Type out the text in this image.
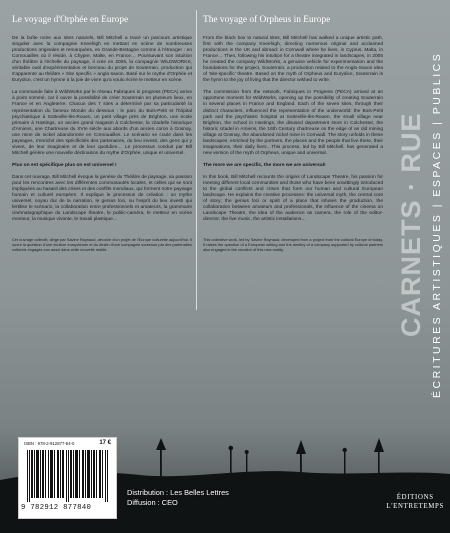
Le voyage d'Orphée en Europe

De la boîte noire aux sites naturels, Bill Mitchell a tracé un parcours artistique singulier avec la compagnie Kneehigh en mettant en scène de nombreuses productions originales et remarquées, en Grande-Bretagne comme à l'étranger : en Cornouailles où il réside, à Chypre, Malte, en France… Poursuivant son intuition d'un théâtre à l'échelle du paysage, il crée en 2005, la compagnie WILDWORKS, véritable outil d'expérimentation et berceau du projet de Souterrain, production qui s'apparente au théâtre « Site specific » anglo-saxon. Basé sur le mythe d'Orphée et Eurydice, c'est un hymne à la joie de vivre qu'a voulu écrire le metteur en scène.

La commande faite à WildWorks par le réseau Fabriques in progress (PECA) arrive à point nommé, car il ouvre la possibilité de créer Souterrain en plusieurs lieux, en France et en Angleterre. Chacun des 7 sites a déterminé par sa particularité la représentation du fameux Monde du dessous : le parc du Bois-Petit et l'hôpital psychiatrique à Sotteville-lès-Rouen, un petit village près de Brighton, une école primaire à Hastings, un ancien grand magasin à Colchester, la citadelle historique d'Amiens, une Chartreuse du XVIe siècle aux abords d'un ancien coron à Gosnay, une mine de nickel abandonnée en Cornouailles. Le scénario se coule dans les paysages, s'enrichit des spécificités des partenaires, du lieu investi, des gens qui y vivent, de leur imaginaire et de leur quotidien… Le processus conduit par Bill Mitchell génère une nouvelle déclinaison du mythe d'Orphée, unique et universel.

Plus on est spécifique plus on est universel !

Dans cet ouvrage, Bill Mitchell évoque la genèse du Théâtre de paysage, sa passion pour les rencontres avec les différentes communautés locales, et celles qui se sont impliquées au hasard des crises et des conflits mondiaux, qui forment notre paysage humain et culturel européen. Il explique le processus de création : un mythe universel, noyau dur de la narration, le genius loci, ou l'esprit du lieu investi qui fertilise le scénario, la collaboration entre professionnels et amateurs, la grammaire cinématographique du Landscape theatre, le public-caméra, le metteur en scène monteur, la musique vivante, le travail plastique…

Cet ouvrage collectif, dirigé par Savine Raynaud, découle d'un projet de l'Europe culturelle aujourd'hui. Il ouvre la question d'une écriture européenne et du destin d'une compagnie soutenue par des partenaires culturels engagés eux aussi dans cette nouvelle réalité.

The voyage of Orpheus in Europe

From the black box to natural sites, Bill Mitchell has walked a unique artistic path, first with the company Kneehigh, directing numerous original and acclaimed productions in the UK and abroad: in Cornwall where he lives, in Cyprus, Malta, in France… Then, following his intuition for a theatre integrated in landscapes, in 2005 he created the company WildWorks, a genuine vehicle for experimentation and the foundations for the project, Souterrain, a production related to the Anglo-Saxon idea of 'site-specific' theatre. Based on the myth of Orpheus and Eurydice, Souterrain is the hymn to the joy of living that the director wished to write.

The commission from the network, Fabriques in Progress (PECA) arrived at an opportune moment for WildWorks, opening up the possibility of creating Souterrain in several places in France and England. Each of the seven sites, through their distinct characters, influenced the representation of the underworld: the Bois-Petit park and the psychiatric hospital at Sotteville-lès-Rouen, the small village near Brighton, the school in Hastings, the disused department store in Colchester, the historic citadel in Amiens, the 16th Century chartreuse on the edge of an old mining village at Gosnay, the abandoned nickel mine in Cornwall. The story unfolds in these landscapes, enriched by the partners, the places and the people that live there, their imaginations, their daily lives…This process, led by Bill Mitchell, has generated a new version of the myth of Orpheus, unique and universal.

The more we are specific, the more we are universal!

In this book, Bill Mitchell recounts the origins of Landscape Theatre, his passion for meeting different local communities and those who have been unwittingly introduced to the global conflicts and crises that form our human and cultural European landscape. He explains the creative processes: the universal myth, the central core of story; the genius loci or spirit of a place that infuses the production, the collaboration between amateurs and professionals, the influence of the cinema on Landscape Theatre, the idea of the audience as camera, the role of the editor-director, the live music, the artistic installations…

This collective work, led by Savine Raynaud, developed from a project from the cultural Europe of today. It raises the question of a European writing and the destiny of a company supported by cultural partners also engaged in the creation of this new reality.	CARNETS · RUE ÉCRITURES ARTISTIQUES | ESPACES | PUBLICS
ISBN : 978-2-912877-84-0	17 €
9 782912 877840
Distribution : Les Belles Lettres
Diffusion : CEO
ÉDITIONS
L'ENTRETEMPS
